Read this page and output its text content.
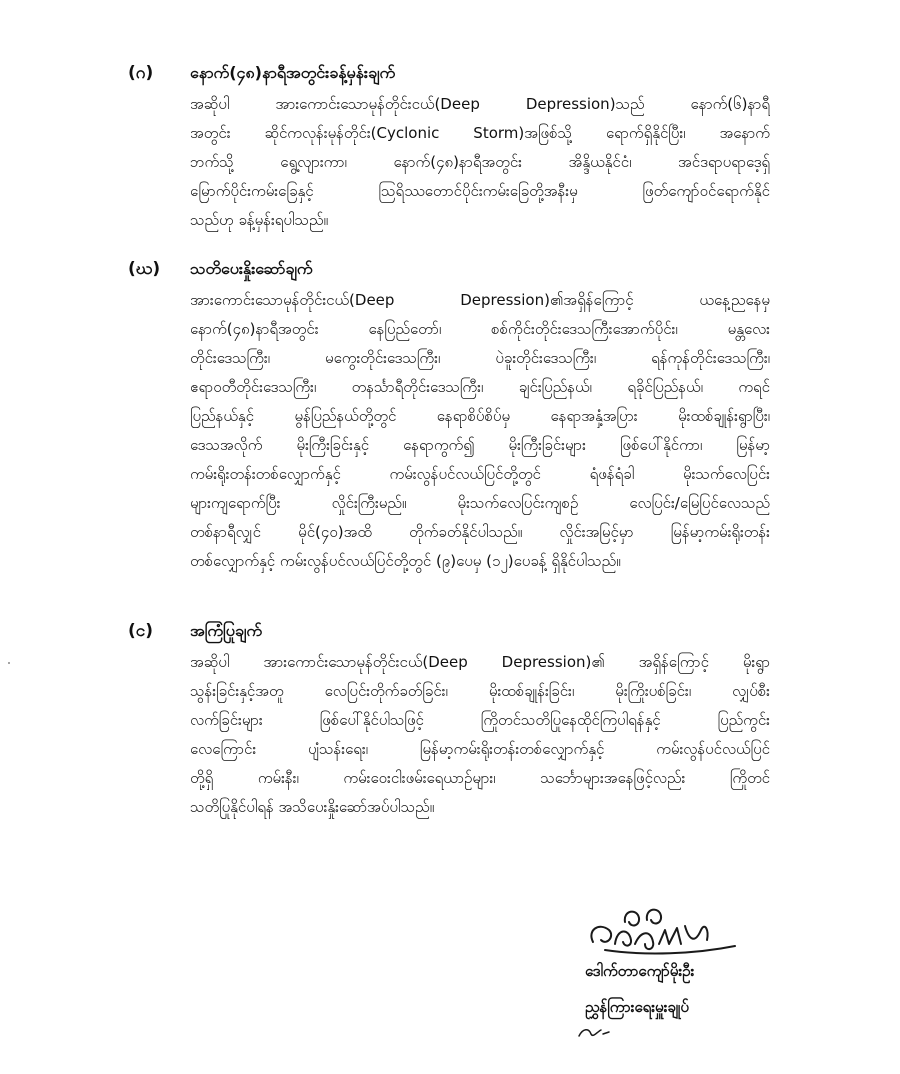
(ဂ) နောက်(၄၈)နာရီအတွင်းခန့်မှန်းချက်
အဆိုပါ အားကောင်းသောမုန်တိုင်းငယ်(Deep Depression)သည် နောက်(၆)နာရီ
အတွင်း ဆိုင်ကလုန်းမုန်တိုင်း(Cyclonic Storm)အဖြစ်သို့ ရောက်ရှိနိုင်ပြီး၊ အနောက်
ဘက်သို့ ရွေ့လျားကာ၊ နောက်(၄၈)နာရီအတွင်း အိန္ဒိယနိုင်ငံ၊ အင်ဒရာပရာဒေ့ရှ်
မြောက်ပိုင်းကမ်းခြေနှင့် သြရိဿတောင်ပိုင်းကမ်းခြေတို့အနီးမှ ဖြတ်ကျော်ဝင်ရောက်နိုင်
သည်ဟု ခန့်မှန်းရပါသည်။
(ဃ) သတိပေးနှိုးဆော်ချက်
အားကောင်းသောမုန်တိုင်းငယ်(Deep Depression)၏အရှိန်ကြောင့် ယနေ့ညနေမှ
နောက်(၄၈)နာရီအတွင်း နေပြည်တော်၊ စစ်ကိုင်းတိုင်းဒေသကြီးအောက်ပိုင်း၊ မန္တလေး
တိုင်းဒေသကြီး၊ မကွေးတိုင်းဒေသကြီး၊ ပဲခူးတိုင်းဒေသကြီး၊ ရန်ကုန်တိုင်းဒေသကြီး၊
ဧရာဝတီတိုင်းဒေသကြီး၊ တနင်္သာရီတိုင်းဒေသကြီး၊ ချင်းပြည်နယ်၊ ရခိုင်ပြည်နယ်၊ ကရင်
ပြည်နယ်နှင့် မွန်ပြည်နယ်တို့တွင် နေရာစိပ်စိပ်မှ နေရာအနှံ့အပြား မိုးထစ်ချုန်းရွာပြီး၊
ဒေသအလိုက် မိုးကြီးခြင်းနှင့် နေရာကွက်၍ မိုးကြီးခြင်းများ ဖြစ်ပေါ်နိုင်ကာ၊ မြန်မာ့
ကမ်းရိုးတန်းတစ်လျှောက်နှင့် ကမ်းလွန်ပင်လယ်ပြင်တို့တွင် ရံဖန်ရံခါ မိုးသက်လေပြင်း
များကျရောက်ပြီး လှိုင်းကြီးမည်။ မိုးသက်လေပြင်းကျစဉ် လေပြင်း/မြေပြင်လေသည်
တစ်နာရီလျှင် မိုင်(၄၀)အထိ တိုက်ခတ်နိုင်ပါသည်။ လှိုင်းအမြင့်မှာ မြန်မာ့ကမ်းရိုးတန်း
တစ်လျှောက်နှင့် ကမ်းလွန်ပင်လယ်ပြင်တို့တွင် (၉)ပေမှ (၁၂)ပေခန့် ရှိနိုင်ပါသည်။
(င) အကြံပြုချက်
အဆိုပါ အားကောင်းသောမုန်တိုင်းငယ်(Deep Depression)၏ အရှိန်ကြောင့် မိုးရွာ
သွန်းခြင်းနှင့်အတူ လေပြင်းတိုက်ခတ်ခြင်း၊ မိုးထစ်ချုန်းခြင်း၊ မိုးကြိုးပစ်ခြင်း၊ လျှပ်စီး
လက်ခြင်းများ ဖြစ်ပေါ်နိုင်ပါသဖြင့် ကြိုတင်သတိပြုနေထိုင်ကြပါရန်နှင့် ပြည်ကွင်း
လေကြောင်း ပျံသန်းရေး၊ မြန်မာ့ကမ်းရိုးတန်းတစ်လျှောက်နှင့် ကမ်းလွန်ပင်လယ်ပြင်
တို့ရှိ ကမ်းနီး၊ ကမ်းဝေးငါးဖမ်းရေယာဉ်များ၊ သင်္ဘောများအနေဖြင့်လည်း ကြိုတင်
သတိပြုနိုင်ပါရန် အသိပေးနှိုးဆော်အပ်ပါသည်။
ဒေါက်တာကျော်မိုးဦး
ညွှန်ကြားရေးမှူးချုပ်
